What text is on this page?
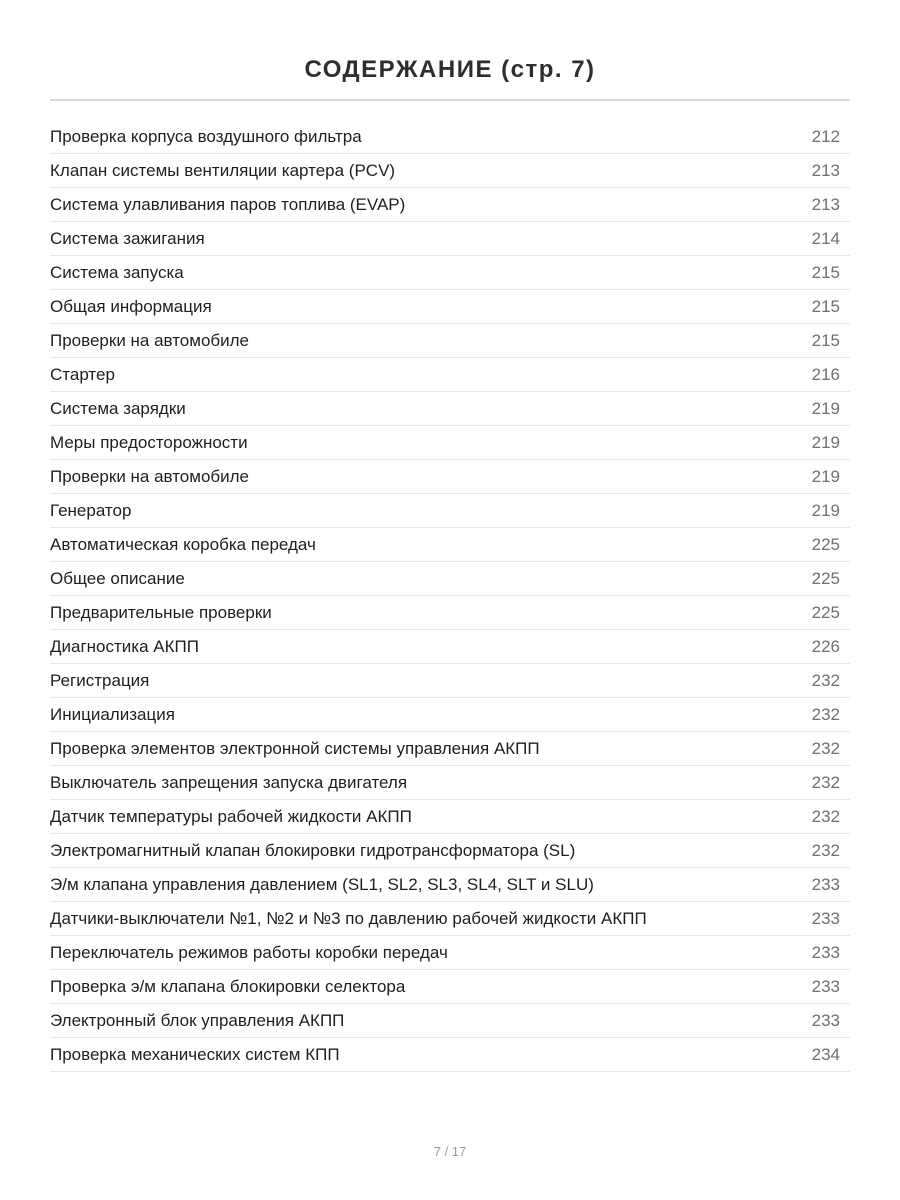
СОДЕРЖАНИЕ (стр. 7)
Проверка корпуса воздушного фильтра	212
Клапан системы вентиляции картера (PCV)	213
Система улавливания паров топлива (EVAP)	213
Система зажигания	214
Система запуска	215
Общая информация	215
Проверки на автомобиле	215
Стартер	216
Система зарядки	219
Меры предосторожности	219
Проверки на автомобиле	219
Генератор	219
Автоматическая коробка передач	225
Общее описание	225
Предварительные проверки	225
Диагностика АКПП	226
Регистрация	232
Инициализация	232
Проверка элементов электронной системы управления АКПП	232
Выключатель запрещения запуска двигателя	232
Датчик температуры рабочей жидкости АКПП	232
Электромагнитный клапан блокировки гидротрансформатора (SL)	232
Э/м клапана управления давлением (SL1, SL2, SL3, SL4, SLT и SLU)	233
Датчики-выключатели №1, №2 и №3 по давлению рабочей жидкости АКПП	233
Переключатель режимов работы коробки передач	233
Проверка э/м клапана блокировки селектора	233
Электронный блок управления АКПП	233
Проверка механических систем КПП	234
7 / 17
